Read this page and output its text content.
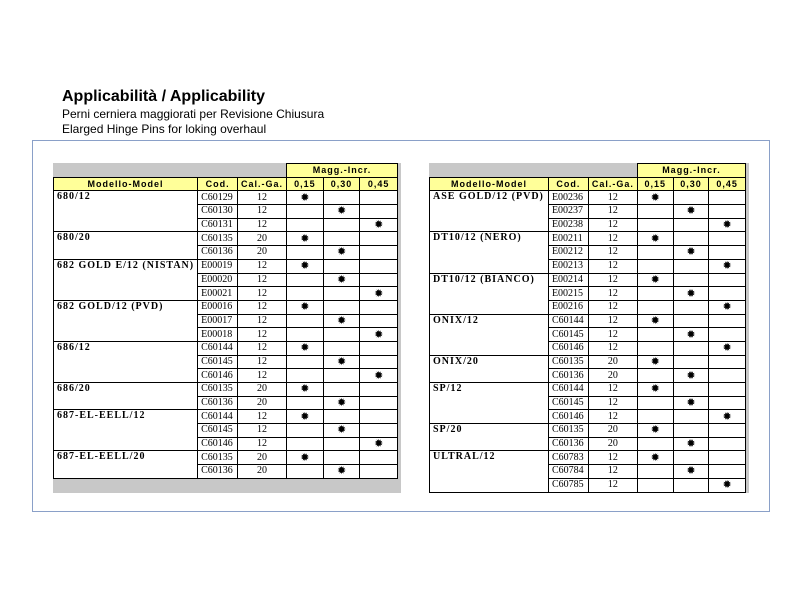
Applicabilità / Applicability
Perni cerniera maggiorati per Revisione Chiusura
Elarged Hinge Pins for loking overhaul
			Magg.-Incr.		
Modello-Model	Cod.	Cal.-Ga.	0,15	0,30	0,45
680/12	C60129	12	✹		
	C60130	12		✹	
	C60131	12			✹
680/20	C60135	20	✹		
	C60136	20		✹	
682 GOLD E/12 (NISTAN)	E00019	12	✹		
	E00020	12		✹	
	E00021	12			✹
682 GOLD/12 (PVD)	E00016	12	✹		
	E00017	12		✹	
	E00018	12			✹
686/12	C60144	12	✹		
	C60145	12		✹	
	C60146	12			✹
686/20	C60135	20	✹		
	C60136	20		✹	
687-EL-EELL/12	C60144	12	✹		
	C60145	12		✹	
	C60146	12			✹
687-EL-EELL/20	C60135	20	✹		
	C60136	20		✹	
			Magg.-Incr.		
Modello-Model	Cod.	Cal.-Ga.	0,15	0,30	0,45
ASE GOLD/12 (PVD)	E00236	12	✹		
	E00237	12		✹	
	E00238	12			✹
DT10/12 (NERO)	E00211	12	✹		
	E00212	12		✹	
	E00213	12			✹
DT10/12 (BIANCO)	E00214	12	✹		
	E00215	12		✹	
	E00216	12			✹
ONIX/12	C60144	12	✹		
	C60145	12		✹	
	C60146	12			✹
ONIX/20	C60135	20	✹		
	C60136	20		✹	
SP/12	C60144	12	✹		
	C60145	12		✹	
	C60146	12			✹
SP/20	C60135	20	✹		
	C60136	20		✹	
ULTRAL/12	C60783	12	✹		
	C60784	12		✹	
	C60785	12			✹
